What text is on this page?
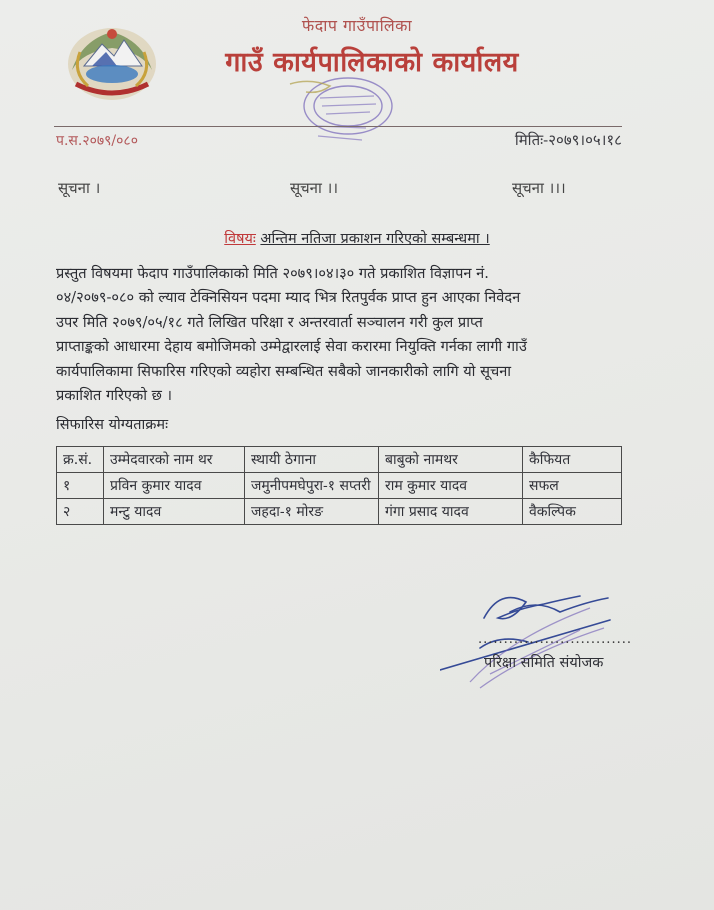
फेदाप गाउँपालिका
गाउँ कार्यपालिकाको कार्यालय
प.स.२०७९/०८०	मितिः-२०७९।०५।१८
सूचना ।	सूचना ।।	सूचना ।।।
विषयः अन्तिम नतिजा प्रकाशन गरिएको सम्बन्धमा ।
प्रस्तुत विषयमा फेदाप गाउँपालिकाको मिति २०७९।०४।३० गते प्रकाशित विज्ञापन नं.
०४/२०७९-०८० को ल्याव टेक्निसियन पदमा म्याद भित्र रितपुर्वक प्राप्त हुन आएका निवेदन
उपर मिति २०७९/०५/१८ गते लिखित परिक्षा र अन्तरवार्ता सञ्चालन गरी कुल प्राप्त
प्राप्ताङ्कको आधारमा देहाय बमोजिमको उम्मेद्वारलाई सेवा करारमा नियुक्ति गर्नका लागी गाउँ
कार्यपालिकामा सिफारिस गरिएको व्यहोरा सम्बन्धित सबैको जानकारीको लागि यो सूचना
प्रकाशित गरिएको छ ।
सिफारिस योग्यताक्रमः
क्र.सं.	उम्मेदवारको नाम थर	स्थायी ठेगाना	बाबुको नामथर	कैफियत
१	प्रविन कुमार यादव	जमुनीपमघेपुरा-१ सप्तरी	राम कुमार यादव	सफल
२	मन्टु यादव	जहदा-१ मोरङ	गंगा प्रसाद यादव	वैकल्पिक
..............................
परिक्षा समिति संयोजक
